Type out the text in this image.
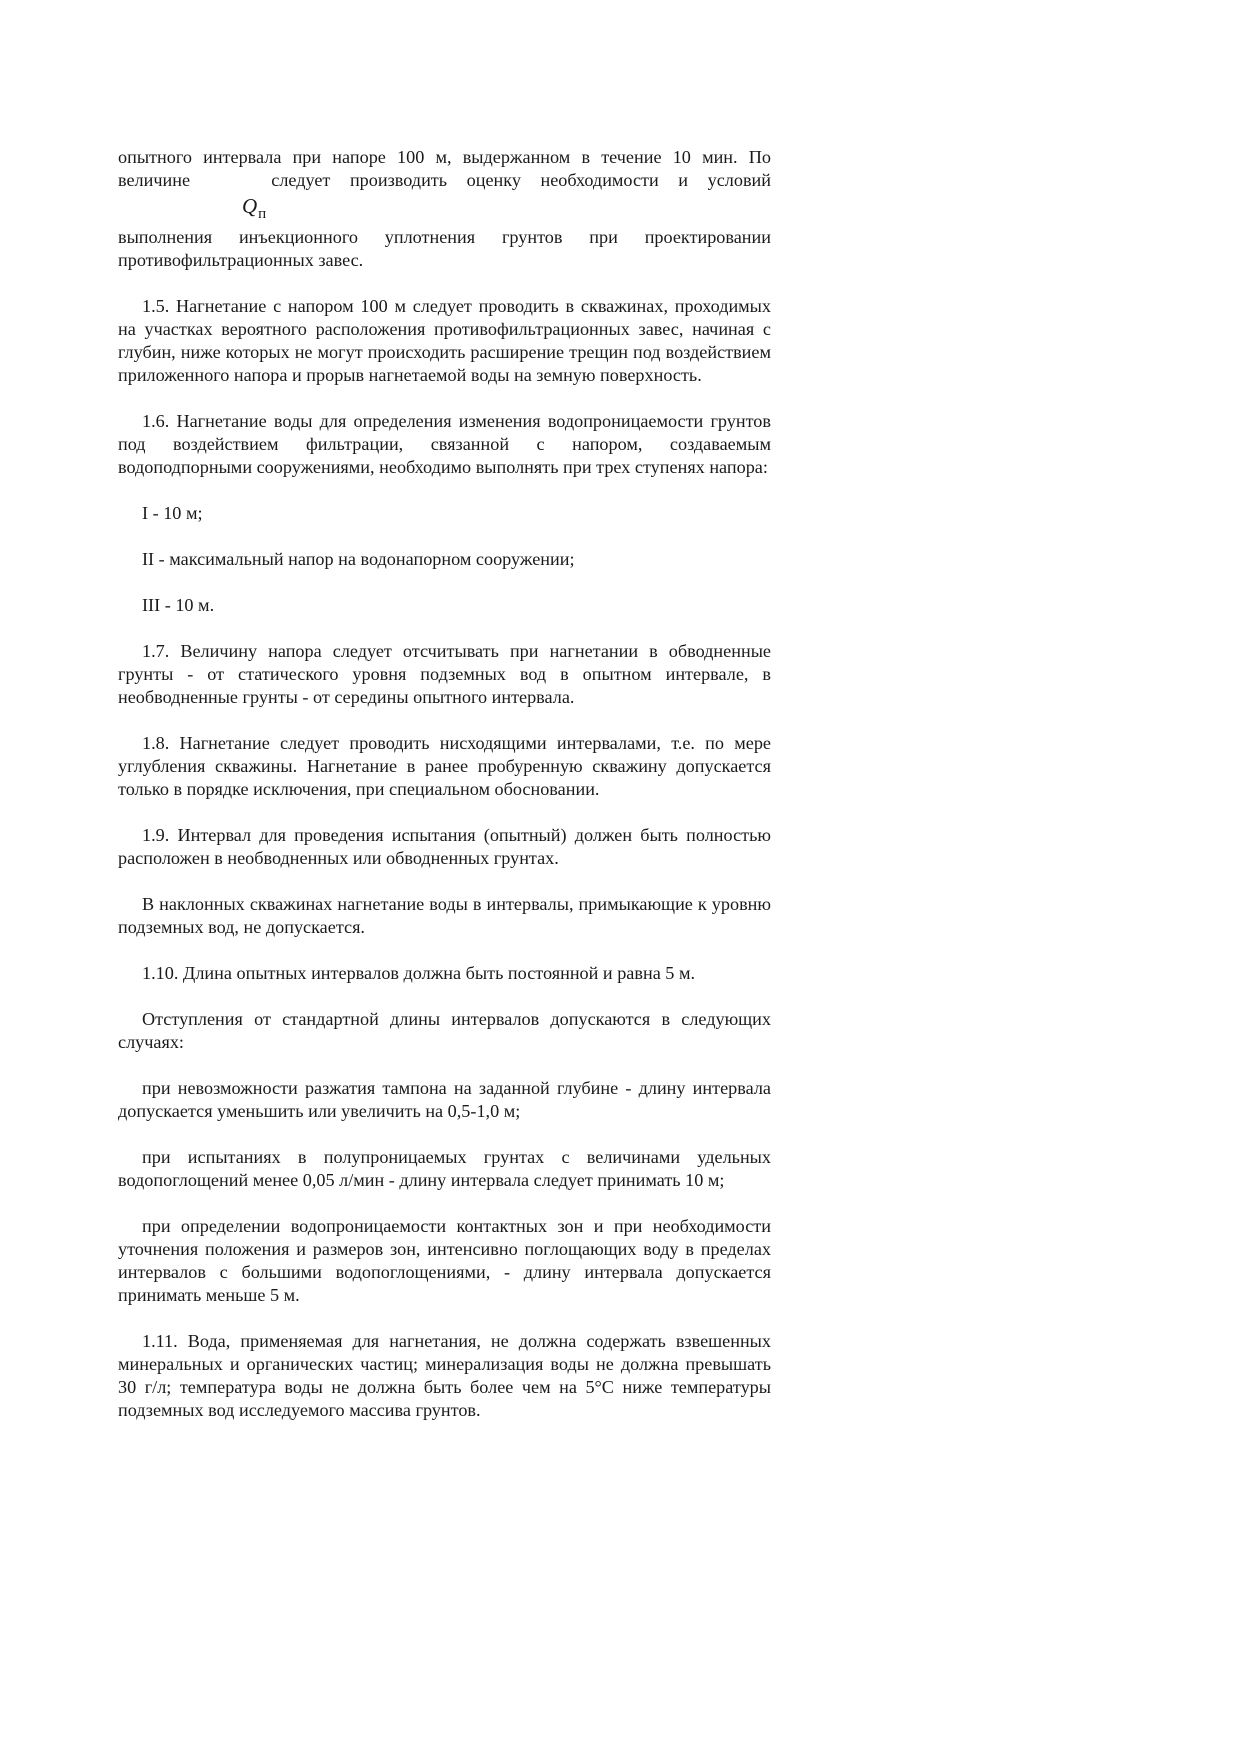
опытного интервала при напоре 100 м, выдержанном в течение 10 мин. По величине	следует производить оценку необходимости и условий

$Q_п$

выполнения инъекционного уплотнения грунтов при проектировании противофильтрационных завес.

1.5. Нагнетание с напором 100 м следует проводить в скважинах, проходимых на участках вероятного расположения противофильтрационных завес, начиная с глубин, ниже которых не могут происходить расширение трещин под воздействием приложенного напора и прорыв нагнетаемой воды на земную поверхность.

1.6. Нагнетание воды для определения изменения водопроницаемости грунтов под воздействием фильтрации, связанной с напором, создаваемым водоподпорными сооружениями, необходимо выполнять при трех ступенях напора:

I - 10 м;

II - максимальный напор на водонапорном сооружении;

III - 10 м.

1.7. Величину напора следует отсчитывать при нагнетании в обводненные грунты - от статического уровня подземных вод в опытном интервале, в необводненные грунты - от середины опытного интервала.

1.8. Нагнетание следует проводить нисходящими интервалами, т.е. по мере углубления скважины. Нагнетание в ранее пробуренную скважину допускается только в порядке исключения, при специальном обосновании.

1.9. Интервал для проведения испытания (опытный) должен быть полностью расположен в необводненных или обводненных грунтах.

В наклонных скважинах нагнетание воды в интервалы, примыкающие к уровню подземных вод, не допускается.

1.10. Длина опытных интервалов должна быть постоянной и равна 5 м.

Отступления от стандартной длины интервалов допускаются в следующих случаях:

при невозможности разжатия тампона на заданной глубине - длину интервала допускается уменьшить или увеличить на 0,5-1,0 м;

при испытаниях в полупроницаемых грунтах с величинами удельных водопоглощений менее 0,05 л/мин - длину интервала следует принимать 10 м;

при определении водопроницаемости контактных зон и при необходимости уточнения положения и размеров зон, интенсивно поглощающих воду в пределах интервалов с большими водопоглощениями, - длину интервала допускается принимать меньше 5 м.

1.11. Вода, применяемая для нагнетания, не должна содержать взвешенных минеральных и органических частиц; минерализация воды не должна превышать 30 г/л; температура воды не должна быть более чем на 5°С ниже температуры подземных вод исследуемого массива грунтов.
